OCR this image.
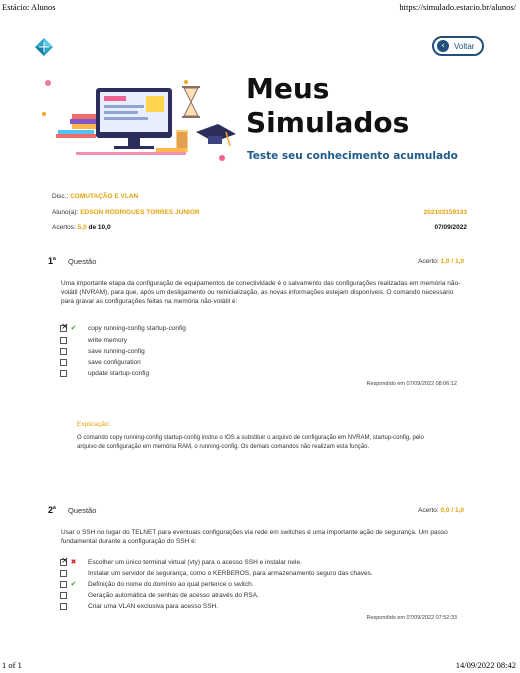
Estácio: Alunos	https://simulado.estacio.br/alunos/
‹	Voltar
Meus
Simulados
Teste seu conhecimento acumulado
Disc.: COMUTAÇÃO E VLAN
Aluno(a): EDSON RODRIGUES TORRES JUNIOR	202103159133
Acertos: 5,0 de 10,0	07/09/2022
1$^a$ Questão	Acerto: 1,0 / 1,0
Uma importante etapa da configuração de equipamentos de conectividade é o salvamento das configurações realizadas em memória não-volátil (NVRAM), para que, após um desligamento ou reinicialização, as novas informações estejam disponíveis. O comando necessário para gravar as configurações feitas na memória não-volátil é:
×
✔ copy running-config startup-config
write memory
save running-config
save configuration
update startup-config
Respondido em 07/09/2022 08:06:12
Explicação:
O comando copy running-config startup-config instrui o IOS a substituir o arquivo de configuração em NVRAM, startup-config, pelo arquivo de configuração em memória RAM, o running-config. Os demais comandos não realizam esta função.
2$^a$ Questão	Acerto: 0,0 / 1,0
Usar o SSH no lugar do TELNET para eventuais configurações via rede em switches é uma importante ação de segurança. Um passo fundamental durante a configuração do SSH é:
×
✖ Escolher um único terminal virtual (vty) para o acesso SSH e instalar nele.
Instalar um servidor de segurança, como o KERBEROS, para armazenamento seguro das chaves.
✔ Definição do nome do domínio ao qual pertence o switch.
Geração automática de senhas de acesso através do RSA.
Criar uma VLAN exclusiva para acesso SSH.
Respondido em 07/09/2022 07:52:33
1 of 1	14/09/2022 08:42
